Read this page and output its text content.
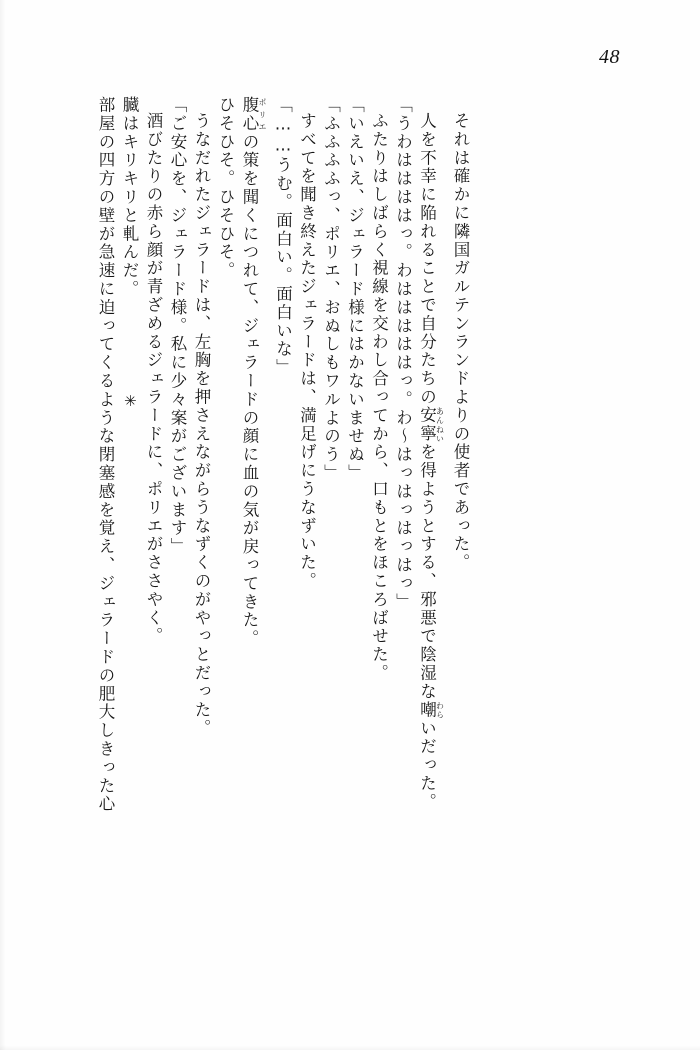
48
部屋の四方の壁が急速に迫ってくるような閉塞感を覚え、ジェラードの肥大しきった心 臓はキリキリと軋んだ。 酒びたりの赤ら顔が青ざめるジェラードに、ポリエがささやく。 「ご安心を、ジェラード様。私に少々案がございます」 うなだれたジェラードは、左胸を押さえながらうなずくのがやっとだった。 ひそひそ。ひそひそ。 腹心 ポリエの策を聞くにつれて、ジェラードの顔に血の気が戻ってきた。 「……うむ。面白い。面白いな」 すべてを聞き終えたジェラードは、満足げにうなずいた。 「ふふふふっ、ポリエ、おぬしもワルよのう」 「いえいえ、ジェラード様にはかないませぬ」 ふたりはしばらく視線を交わし合ってから、口もとをほころばせた。 「うわははははっ。わはははははっ。わ～はっはっはっはっ」 人を不幸に陥れることで自分たちの安寧 あんねいを得ようとする、邪悪で陰湿な嘲 わらいだった。
それは確かに隣国ガルテンランドよりの使者であった。
✳
